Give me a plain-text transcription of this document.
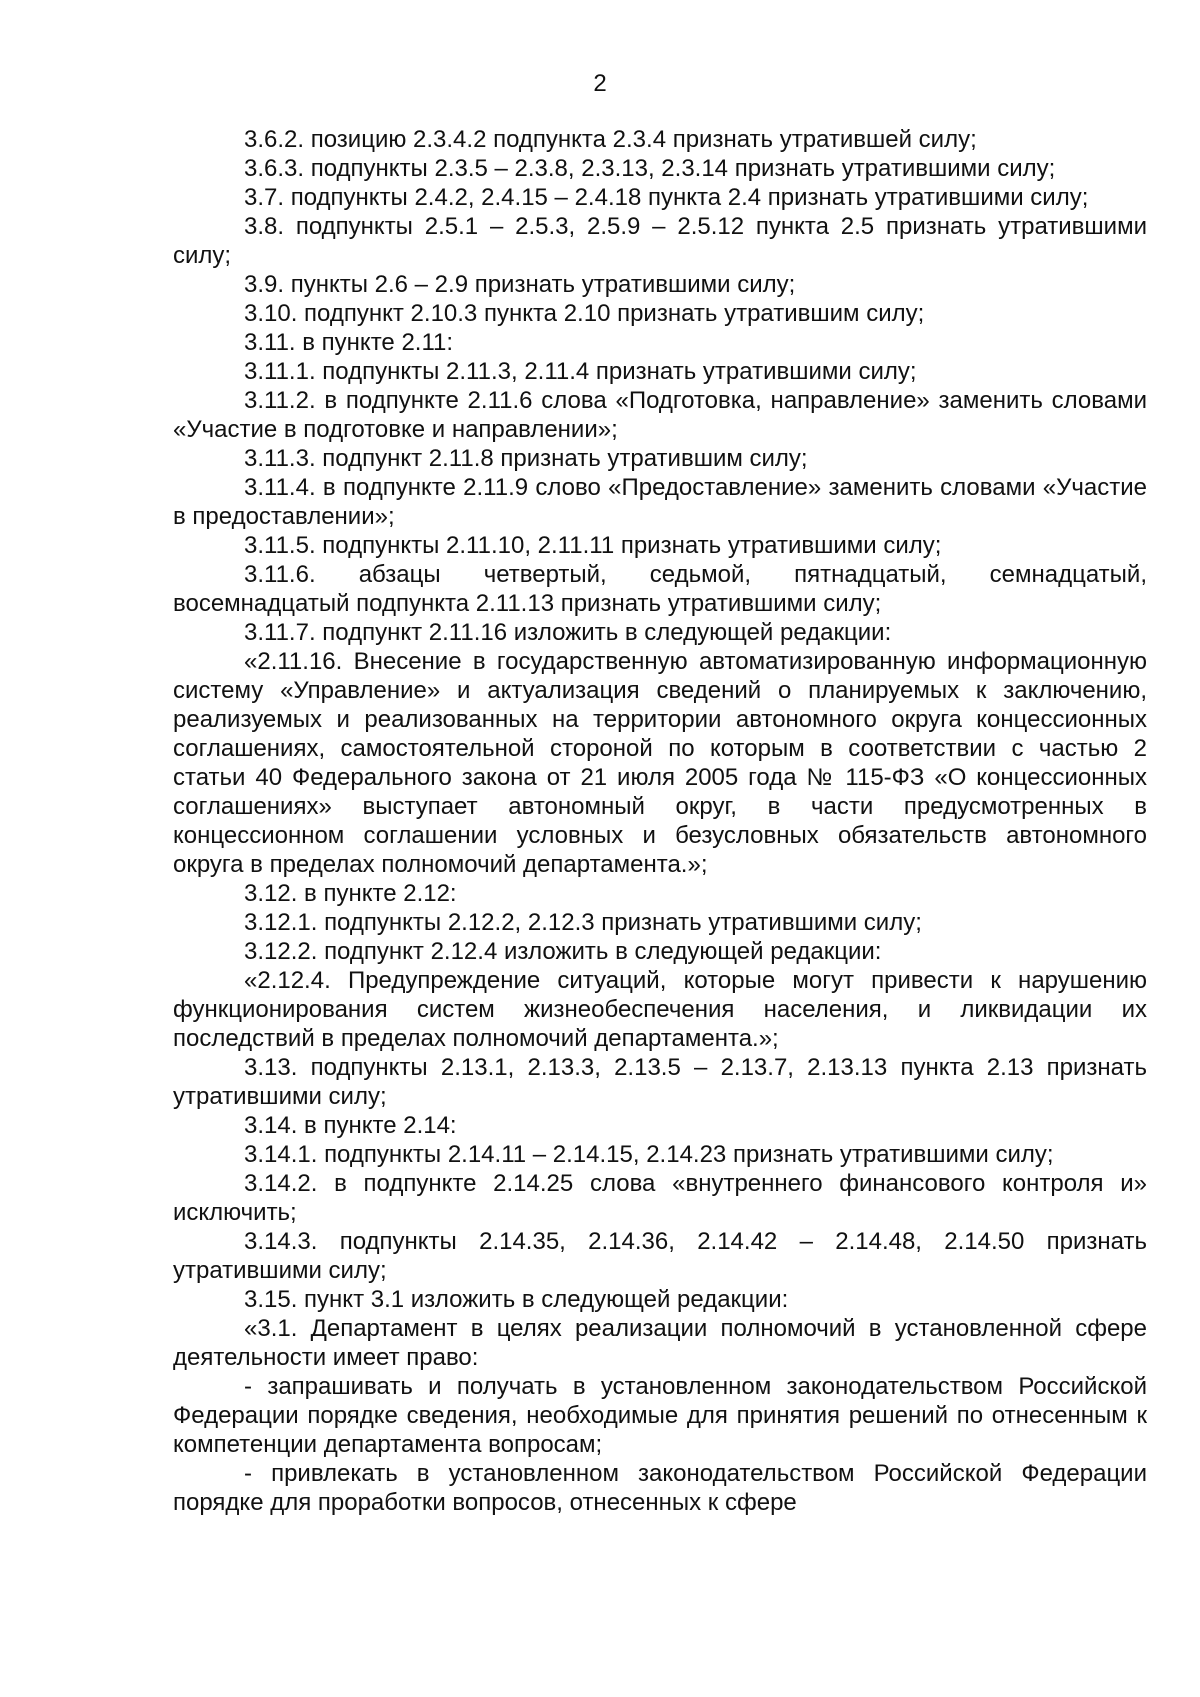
2

3.6.2. позицию 2.3.4.2 подпункта 2.3.4 признать утратившей силу;

3.6.3. подпункты 2.3.5 – 2.3.8, 2.3.13, 2.3.14 признать утратившими силу;

3.7. подпункты 2.4.2, 2.4.15 – 2.4.18 пункта 2.4 признать утратившими силу;

3.8. подпункты 2.5.1 – 2.5.3, 2.5.9 – 2.5.12 пункта 2.5 признать утратившими силу;

3.9. пункты 2.6 – 2.9 признать утратившими силу;

3.10. подпункт 2.10.3 пункта 2.10 признать утратившим силу;

3.11. в пункте 2.11:

3.11.1. подпункты 2.11.3, 2.11.4 признать утратившими силу;

3.11.2. в подпункте 2.11.6 слова «Подготовка, направление» заменить словами «Участие в подготовке и направлении»;

3.11.3. подпункт 2.11.8 признать утратившим силу;

3.11.4. в подпункте 2.11.9 слово «Предоставление» заменить словами «Участие в предоставлении»;

3.11.5. подпункты 2.11.10, 2.11.11 признать утратившими силу;

3.11.6. абзацы четвертый, седьмой, пятнадцатый, семнадцатый, восемнадцатый подпункта 2.11.13 признать утратившими силу;

3.11.7. подпункт 2.11.16 изложить в следующей редакции:

«2.11.16. Внесение в государственную автоматизированную информационную систему «Управление» и актуализация сведений о планируемых к заключению, реализуемых и реализованных на территории автономного округа концессионных соглашениях, самостоятельной стороной по которым в соответствии с частью 2 статьи 40 Федерального закона от 21 июля 2005 года № 115-ФЗ «О концессионных соглашениях» выступает автономный округ, в части предусмотренных в концессионном соглашении условных и безусловных обязательств автономного округа в пределах полномочий департамента.»;

3.12. в пункте 2.12:

3.12.1. подпункты 2.12.2, 2.12.3 признать утратившими силу;

3.12.2. подпункт 2.12.4 изложить в следующей редакции:

«2.12.4. Предупреждение ситуаций, которые могут привести к нарушению функционирования систем жизнеобеспечения населения, и ликвидации их последствий в пределах полномочий департамента.»;

3.13. подпункты 2.13.1, 2.13.3, 2.13.5 – 2.13.7, 2.13.13 пункта 2.13 признать утратившими силу;

3.14. в пункте 2.14:

3.14.1. подпункты 2.14.11 – 2.14.15, 2.14.23 признать утратившими силу;

3.14.2. в подпункте 2.14.25 слова «внутреннего финансового контроля и» исключить;

3.14.3. подпункты 2.14.35, 2.14.36, 2.14.42 – 2.14.48, 2.14.50 признать утратившими силу;

3.15. пункт 3.1 изложить в следующей редакции:

«3.1. Департамент в целях реализации полномочий в установленной сфере деятельности имеет право:

- запрашивать и получать в установленном законодательством Российской Федерации порядке сведения, необходимые для принятия решений по отнесенным к компетенции департамента вопросам;

- привлекать в установленном законодательством Российской Федерации порядке для проработки вопросов, отнесенных к сфере
